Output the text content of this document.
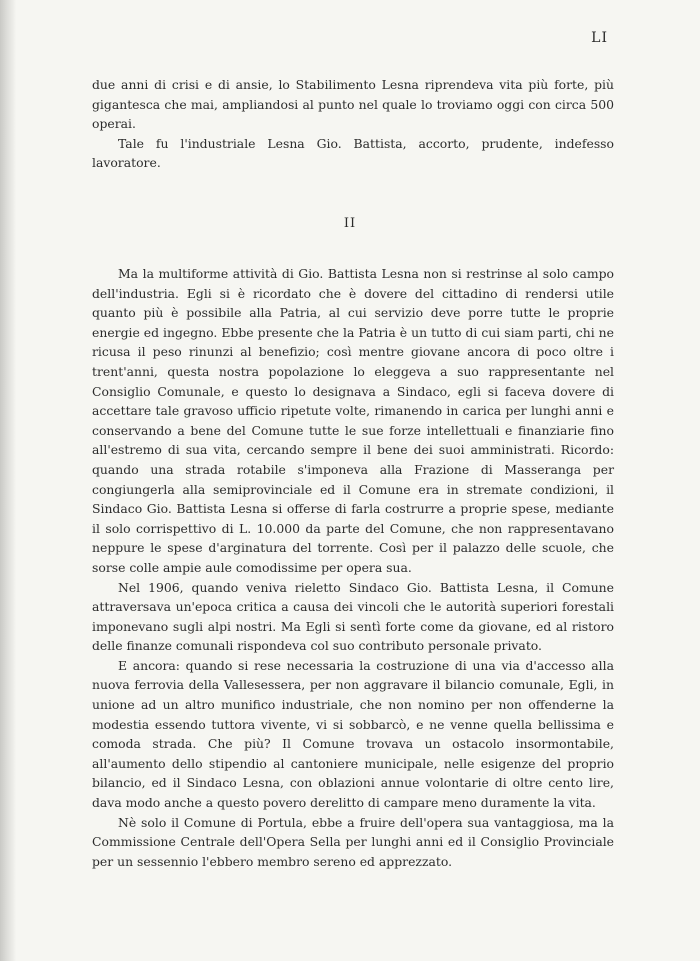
LI

due anni di crisi e di ansie, lo Stabilimento Lesna riprendeva vita più forte, più gigantesca che mai, ampliandosi al punto nel quale lo troviamo oggi con circa 500 operai.

Tale fu l'industriale Lesna Gio. Battista, accorto, prudente, indefesso lavoratore.

II

Ma la multiforme attività di Gio. Battista Lesna non si restrinse al solo campo dell'industria. Egli si è ricordato che è dovere del cittadino di rendersi utile quanto più è possibile alla Patria, al cui servizio deve porre tutte le proprie energie ed ingegno. Ebbe presente che la Patria è un tutto di cui siam parti, chi ne ricusa il peso rinunzi al benefizio; così mentre giovane ancora di poco oltre i trent'anni, questa nostra popolazione lo eleggeva a suo rappresentante nel Consiglio Comunale, e questo lo designava a Sindaco, egli si faceva dovere di accettare tale gravoso ufficio ripetute volte, rimanendo in carica per lunghi anni e conservando a bene del Comune tutte le sue forze intellettuali e finanziarie fino all'estremo di sua vita, cercando sempre il bene dei suoi amministrati. Ricordo: quando una strada rotabile s'imponeva alla Frazione di Masseranga per congiungerla alla semiprovinciale ed il Comune era in stremate condizioni, il Sindaco Gio. Battista Lesna si offerse di farla costrurre a proprie spese, mediante il solo corrispettivo di L. 10.000 da parte del Comune, che non rappresentavano neppure le spese d'arginatura del torrente. Così per il palazzo delle scuole, che sorse colle ampie aule comodissime per opera sua.

Nel 1906, quando veniva rieletto Sindaco Gio. Battista Lesna, il Comune attraversava un'epoca critica a causa dei vincoli che le autorità superiori forestali imponevano sugli alpi nostri. Ma Egli si sentì forte come da giovane, ed al ristoro delle finanze comunali rispondeva col suo contributo personale privato.

E ancora: quando si rese necessaria la costruzione di una via d'accesso alla nuova ferrovia della Vallesessera, per non aggravare il bilancio comunale, Egli, in unione ad un altro munifico industriale, che non nomino per non offenderne la modestia essendo tuttora vivente, vi si sobbarcò, e ne venne quella bellissima e comoda strada. Che più? Il Comune trovava un ostacolo insormontabile, all'aumento dello stipendio al cantoniere municipale, nelle esigenze del proprio bilancio, ed il Sindaco Lesna, con oblazioni annue volontarie di oltre cento lire, dava modo anche a questo povero derelitto di campare meno duramente la vita.

Nè solo il Comune di Portula, ebbe a fruire dell'opera sua vantaggiosa, ma la Commissione Centrale dell'Opera Sella per lunghi anni ed il Consiglio Provinciale per un sessennio l'ebbero membro sereno ed apprezzato.
